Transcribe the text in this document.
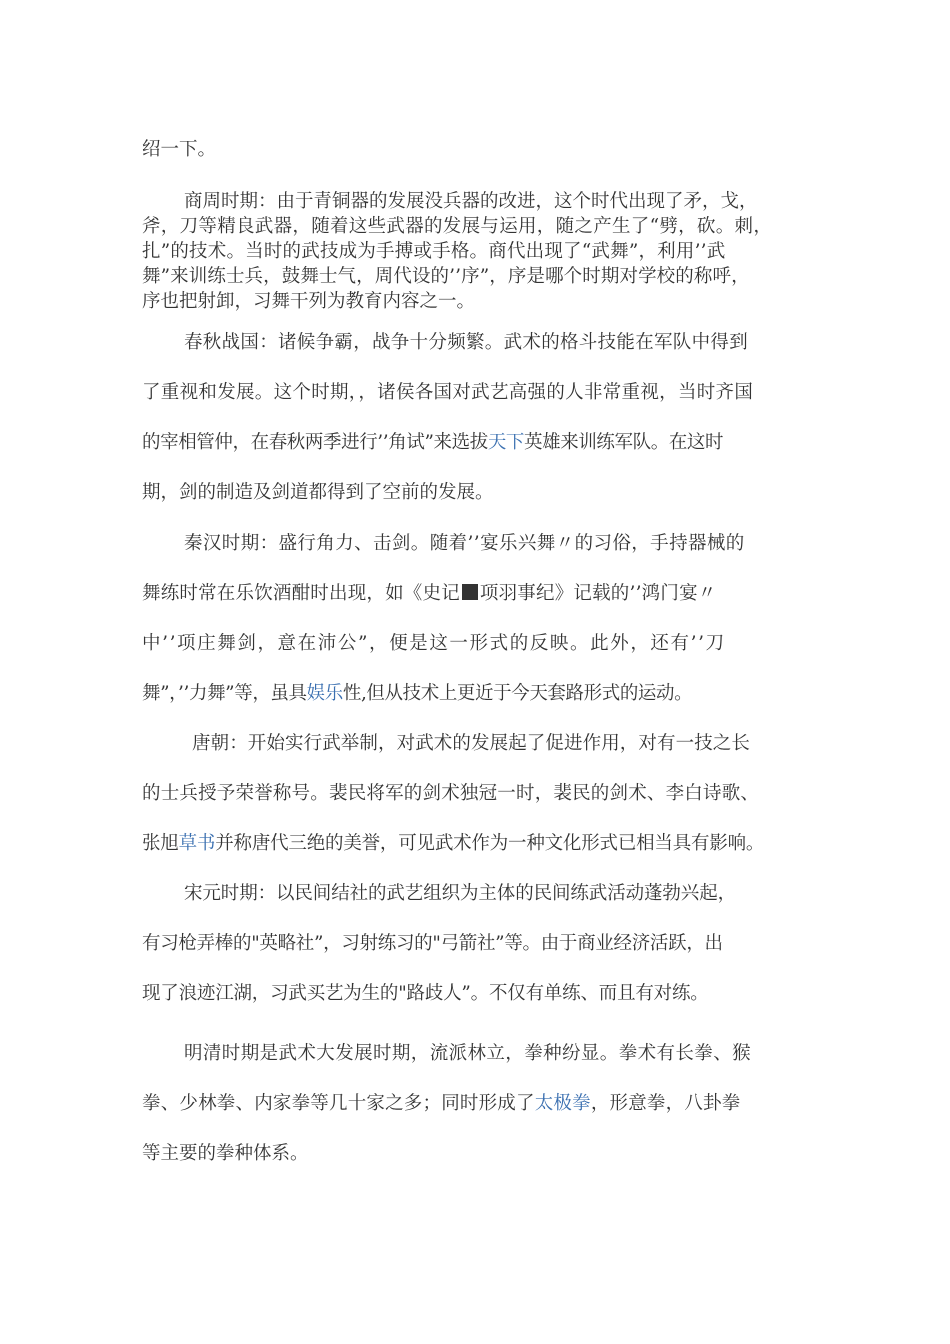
绍一下。
商周时期：由于青铜器的发展没兵器的改进，这个时代出现了矛，戈，
斧，刀等精良武器，随着这些武器的发展与运用，随之产生了“劈，砍。刺，
扎”的技术。当时的武技成为手搏或手格。商代出现了“武舞”，利用’’武
舞”来训练士兵，鼓舞士气，周代设的’’序”，序是哪个时期对学校的称呼，
序也把射卸，习舞干列为教育内容之一。
春秋战国：诸候争霸，战争十分频繁。武术的格斗技能在军队中得到
了重视和发展。这个时期，，诸侯各国对武艺高强的人非常重视，当时齐国
的宰相管仲，在春秋两季进行’’角试”来选拔天下英雄来训练军队。在这时
期，剑的制造及剑道都得到了空前的发展。
秦汉时期：盛行角力、击剑。随着’’宴乐兴舞〃的习俗，手持器械的
舞练时常在乐饮酒酣时出现，如《史记 项羽事纪》记载的’’鸿门宴〃
中’’项庄舞剑，意在沛公”，便是这一形式的反映。此外，还有’’刀
舞”，’’力舞”等，虽具娱乐性,但从技术上更近于今天套路形式的运动。
唐朝：开始实行武举制，对武术的发展起了促进作用，对有一技之长
的士兵授予荣誉称号。裴民将军的剑术独冠一时，裴民的剑术、李白诗歌、
张旭草书并称唐代三绝的美誉，可见武术作为一种文化形式已相当具有影响。
宋元时期：以民间结社的武艺组织为主体的民间练武活动蓬勃兴起，
有习枪弄棒的"英略社”，习射练习的"弓箭社”等。由于商业经济活跃，出
现了浪迹江湖，习武买艺为生的"路歧人”。不仅有单练、而且有对练。
明清时期是武术大发展时期，流派林立，拳种纷显。拳术有长拳、猴
拳、少林拳、内家拳等几十家之多；同时形成了太极拳，形意拳，八卦拳
等主要的拳种体系。
